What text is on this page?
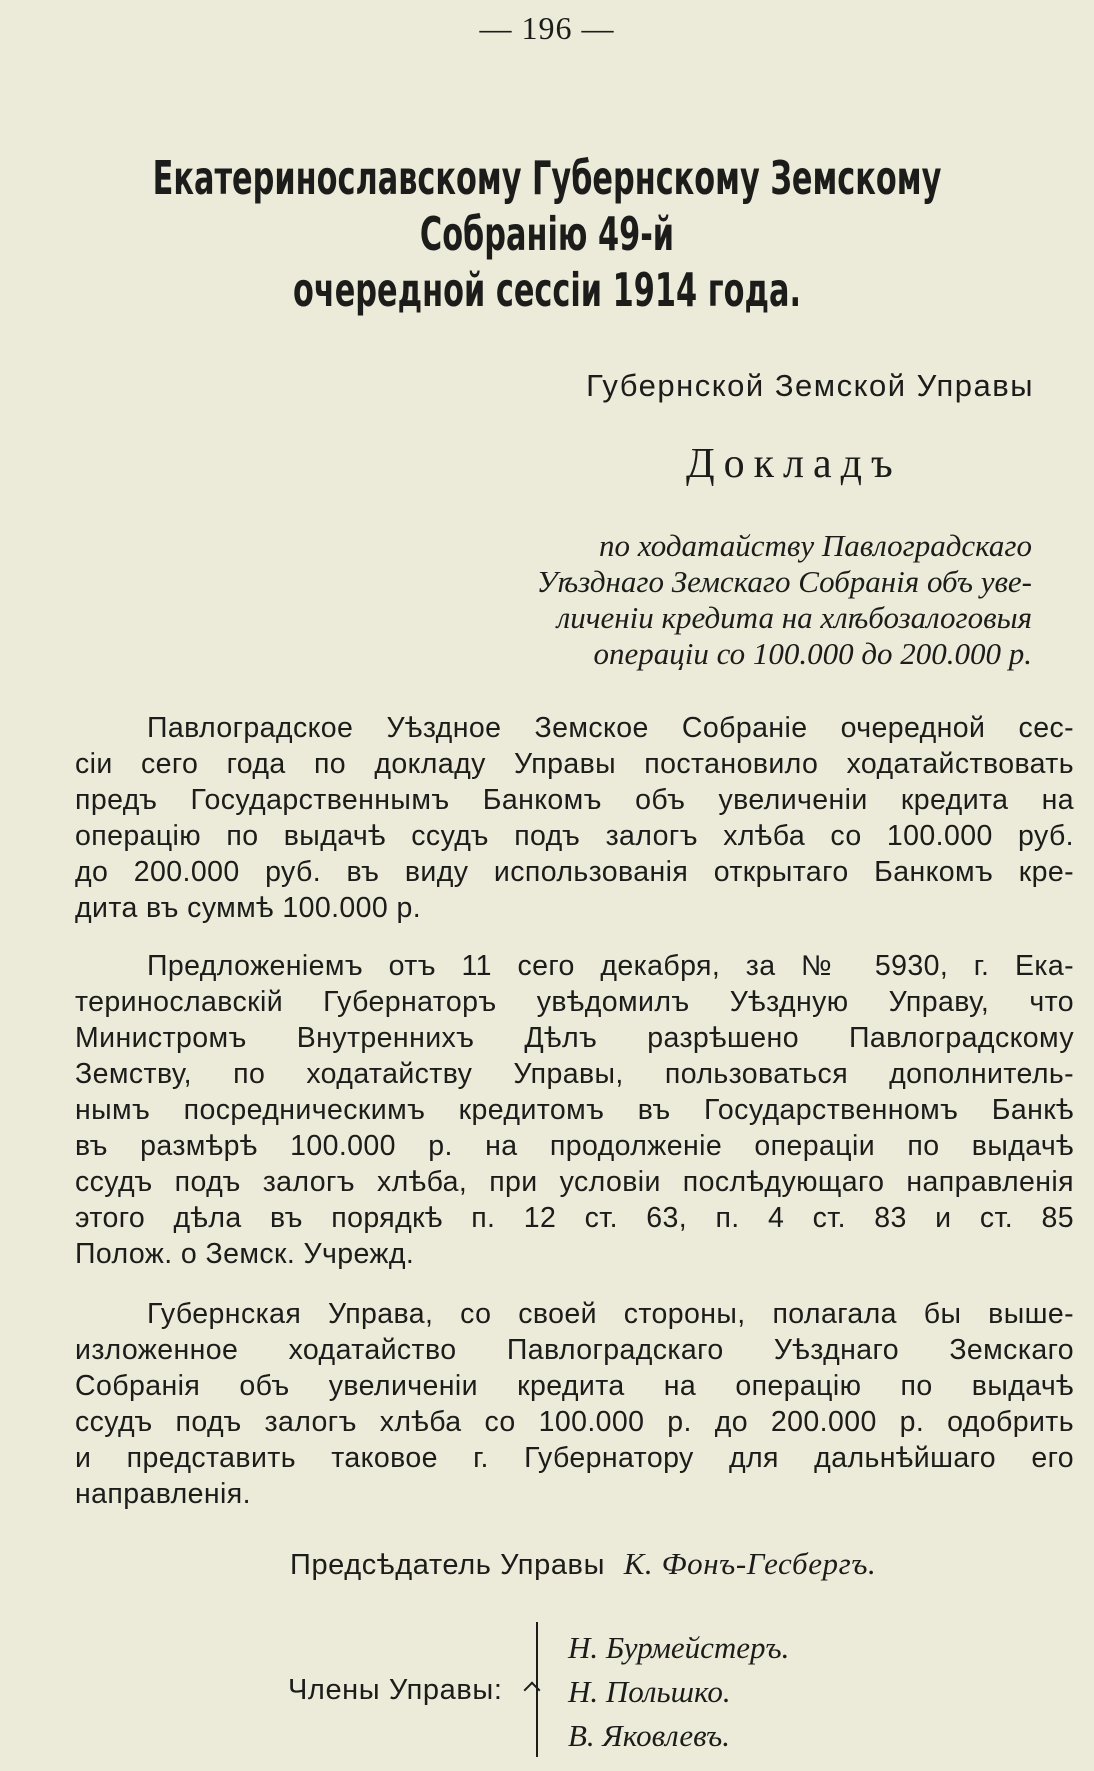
— 196 —
Екатеринославскому Губернскому Земскому Собранію 49-й
очередной сессіи 1914 года.
Губернской Земской Управы
Докладъ
по ходатайству Павлоградскаго
Уѣзднаго Земскаго Собранія объ уве-
личеніи кредита на хлѣбозалоговыя
операціи со 100.000 до 200.000 р.
Павлоградское Уѣздное Земское Собраніе очередной сес-
сіи сего года по докладу Управы постановило ходатайствовать
предъ Государственнымъ Банкомъ объ увеличеніи кредита на
операцію по выдачѣ ссудъ подъ залогъ хлѣба со 100.000 руб.
до 200.000 руб. въ виду использованія открытаго Банкомъ кре-
дита въ суммѣ 100.000 р.
Предложеніемъ отъ 11 сего декабря, за № 5930, г. Ека-
теринославскій Губернаторъ увѣдомилъ Уѣздную Управу, что
Министромъ Внутреннихъ Дѣлъ разрѣшено Павлоградскому
Земству, по ходатайству Управы, пользоваться дополнитель-
нымъ посредническимъ кредитомъ въ Государственномъ Банкѣ
въ размѣрѣ 100.000 р. на продолженіе операціи по выдачѣ
ссудъ подъ залогъ хлѣба, при условіи послѣдующаго направленія
этого дѣла въ порядкѣ п. 12 ст. 63, п. 4 ст. 83 и ст. 85
Полож. о Земск. Учрежд.
Губернская Управа, со своей стороны, полагала бы выше-
изложенное ходатайство Павлоградскаго Уѣзднаго Земскаго
Собранія объ увеличеніи кредита на операцію по выдачѣ
ссудъ подъ залогъ хлѣба со 100.000 р. до 200.000 р. одобрить
и представить таковое г. Губернатору для дальнѣйшаго его
направленія.
Предсѣдатель Управы К. Фонъ-Гесбергъ.
Члены Управы:
Н. Бурмейстеръ.
Н. Польшко.
В. Яковлевъ.
